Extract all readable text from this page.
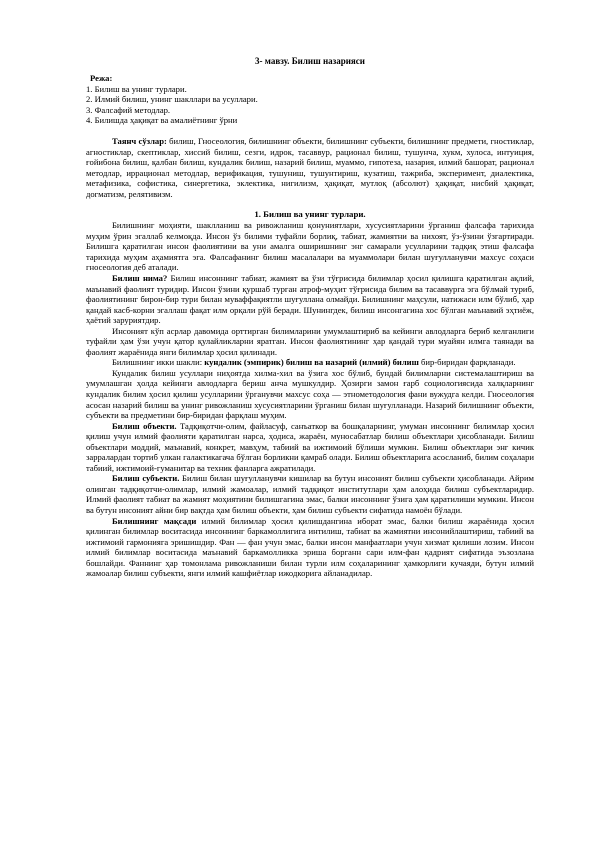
3- мавзу. Билиш назарияси

Режа:

1. Билиш ва унинг турлари.

2. Илмий билиш, унинг шакллари ва усуллари.

3. Фалсафий методлар.

4. Билишда ҳақиқат ва амалиётнинг ўрни

Таянч сўзлар: билиш, Гносеология, билишнинг объекти, билишнинг субъекти, билишнинг предмети, гностиклар, агностиклар, скептиклар, хиссий билиш, сезги, идрок, тасаввур, рационал билиш, тушунча, хукм, хулоса, интуиция, ғойибона билиш, қалбан билиш, кундалик билиш, назарий билиш, муаммо, гипотеза, назария, илмий башорат, рационал методлар, иррационал методлар, верификация, тушуниш, тушунтириш, кузатиш, тажриба, эксперимент, диалектика, метафизика, софистика, синергетика, эклектика, нигилизм, ҳақиқат, мутлоқ (абсолют) ҳақиқат, нисбий ҳақиқат, догматизм, релятивизм.

1. Билиш ва унинг турлари.

Билишнинг моҳияти, шаклланиш ва ривожланиш қонуниятлари, хусусиятларини ўрганиш фалсафа тарихида муҳим ўрин эгаллаб келмоқда. Инсон ўз билими туфайли борлиқ, табиат, жамиятни ва нихоят, ўз-ўзини ўзгартиради. Билишга қаратилган инсон фаолиятини ва уни амалга оширишнинг энг самарали усулларини тадқиқ этиш фалсафа тарихида муҳим аҳамиятга эга. Фалсафанинг билиш масалалари ва муаммолари билан шуғулланувчи махсус соҳаси гносеология деб аталади.

Билиш нима? Билиш инсоннинг табиат, жамият ва ўзи тўғрисида билимлар ҳосил қилишга қаратилган ақлий, маънавий фаолият туридир. Инсон ўзини қуршаб турган атроф-муҳит тўғрисида билим ва тасаввурга эга бўлмай туриб, фаолиятининг бирон-бир тури билан муваффақиятли шуғуллана олмайди. Билишнинг маҳсули, натижаси илм бўлиб, ҳар қандай касб-корни эгаллаш фақат илм орқали рўй беради. Шунингдек, билиш инсонгагина хос бўлган маънавий эҳтиёж, ҳаётий заруриятдир.

Инсоният кўп асрлар давомида орттирган билимларини умумлаштириб ва кейинги авлодларга бериб келганлиги туфайли ҳам ўзи учун қатор қулайликларни яратган. Инсон фаолиятининг ҳар қандай тури муайян илмга таянади ва фаолият жараёнида янги билимлар ҳосил қилинади.

Билишнинг икки шакли: кундалик (эмпирик) билиш ва назарий (илмий) билиш бир-биридан фарқланади.

Кундалик билиш усуллари ниҳоятда хилма-хил ва ўзига хос бўлиб, бундай билимларни системалаштириш ва умумлашган ҳолда кейинги авлодларга бериш анча мушкулдир. Ҳозирги замон ғарб социологиясида халқларнинг кундалик билим ҳосил қилиш усулларини ўрганувчи махсус соҳа — этнометодология фани вужудга келди. Гносеология асосан назарий билиш ва унинг ривожланиш хусусиятларини ўрганиш билан шуғулланади. Назарий билишнинг объекти, субъекти ва предметини бир-биридан фарқлаш муҳим.

Билиш объекти. Тадқиқотчи-олим, файласуф, санъаткор ва бошқаларнинг, умуман инсоннинг билимлар ҳосил қилиш учун илмий фаолияти қаратилган нарса, ҳодиса, жараён, муносабатлар билиш объектлари ҳисобланади. Билиш объектлари моддий, маънавий, конкрет, мавҳум, табиий ва ижтимоий бўлиши мумкин. Билиш объектлари энг кичик зарралардан тортиб улкан галактикагача бўлган борликни қамраб олади. Билиш объектларига асосланиб, билим соҳалари табиий, ижтимоий-гуманитар ва техник фанларга ажратилади.

Билиш субъекти. Билиш билан шуғулланувчи кишилар ва бутун инсоният билиш субъекти ҳисобланади. Айрим олинган тадқиқотчи-олимлар, илмий жамоалар, илмий тадқиқот институтлари ҳам алоҳида билиш субъектларидир. Илмий фаолият табиат ва жамият моҳиятини билишгагина эмас, балки инсоннинг ўзига ҳам қаратилиши мумкин. Инсон ва бутун инсоният айни бир вақтда ҳам билиш объекти, ҳам билиш субъекти сифатида намоён бўлади.

Билишнинг мақсади илмий билимлар ҳосил қилишдангина иборат эмас, балки билиш жараёнида ҳосил қилинган билимлар воситасида инсоннинг баркамоллигига интилиш, табиат ва жамиятни инсонийлаштириш, табиий ва ижтимоий гармонияга эришишдир. Фан — фан учун эмас, балки инсон манфаатлари учун хизмат қилиши лозим. Инсон илмий билимлар воситасида маънавий баркамолликка эришa борганн сари илм-фан қадрият сифатида эъзозлана бошлайди. Фаннинг ҳар томонлама ривожланиши билан турли илм соҳаларининг ҳамкорлиги кучаяди, бутун илмий жамоалар билиш субъекти, янги илмий кашфиётлар ижодкорига айланадилар.
